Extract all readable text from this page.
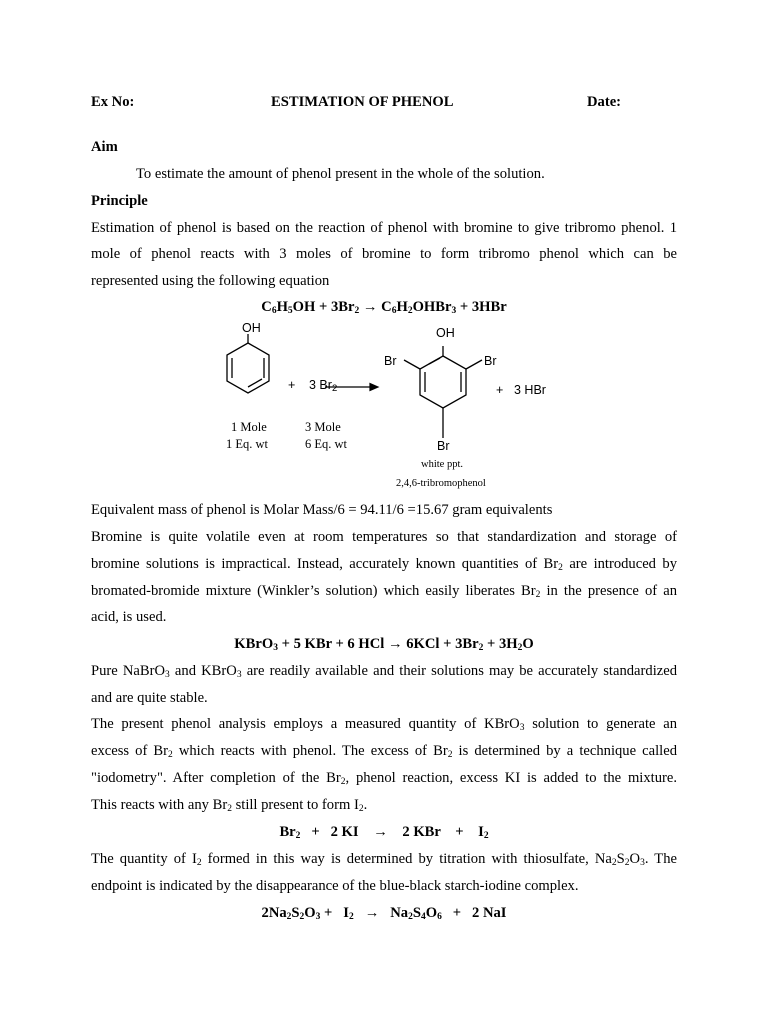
Ex No:	ESTIMATION OF PHENOL	Date:
Aim
To estimate the amount of phenol present in the whole of the solution.
Principle
Estimation of phenol is based on the reaction of phenol with bromine to give tribromo phenol. 1
mole of phenol reacts with 3 moles of bromine to form tribromo phenol which can be
represented using the following equation
$C_6H_5OH + 3Br_2$ → $C_6H_2OHBr_3 + 3HBr$
OH
+ 3 $Br_2$
OH
Br	Br
Br
+ 3 HBr
1 Mole
1 Eq. wt
3 Mole
6 Eq. wt
white ppt.
2,4,6-tribromophenol
Equivalent mass of phenol is Molar Mass/6 = 94.11/6 =15.67 gram equivalents
Bromine is quite volatile even at room temperatures so that standardization and storage of
bromine solutions is impractical. Instead, accurately known quantities of $Br_2$ are introduced by
bromated-bromide mixture (Winkler’s solution) which easily liberates $Br_2$ in the presence of an
acid, is used.
KBrO$_3$ + 5 KBr + 6 HCl → $6KCl + 3Br_2 + 3H_2O$
Pure NaBrO$_3$ and KBrO$_3$ are readily available and their solutions may be accurately standardized
and are quite stable.
The present phenol analysis employs a measured quantity of KBrO$_3$ solution to generate an
excess of $Br_2$ which reacts with phenol. The excess of $Br_2$ is determined by a technique called
"iodometry". After completion of the $Br_2$, phenol reaction, excess KI is added to the mixture.
This reacts with any $Br_2$ still present to form $I_2$.
$Br_2 + 2$ KI    →    2 KBr    +    $I_2$
The quantity of $I_2$ formed in this way is determined by titration with thiosulfate, $Na_2S_2O_3$. The
endpoint is indicated by the disappearance of the blue-black starch-iodine complex.
$2Na_2S_2O_3 + I_2 \to Na_2S_4O_6 + 2$ NaI
